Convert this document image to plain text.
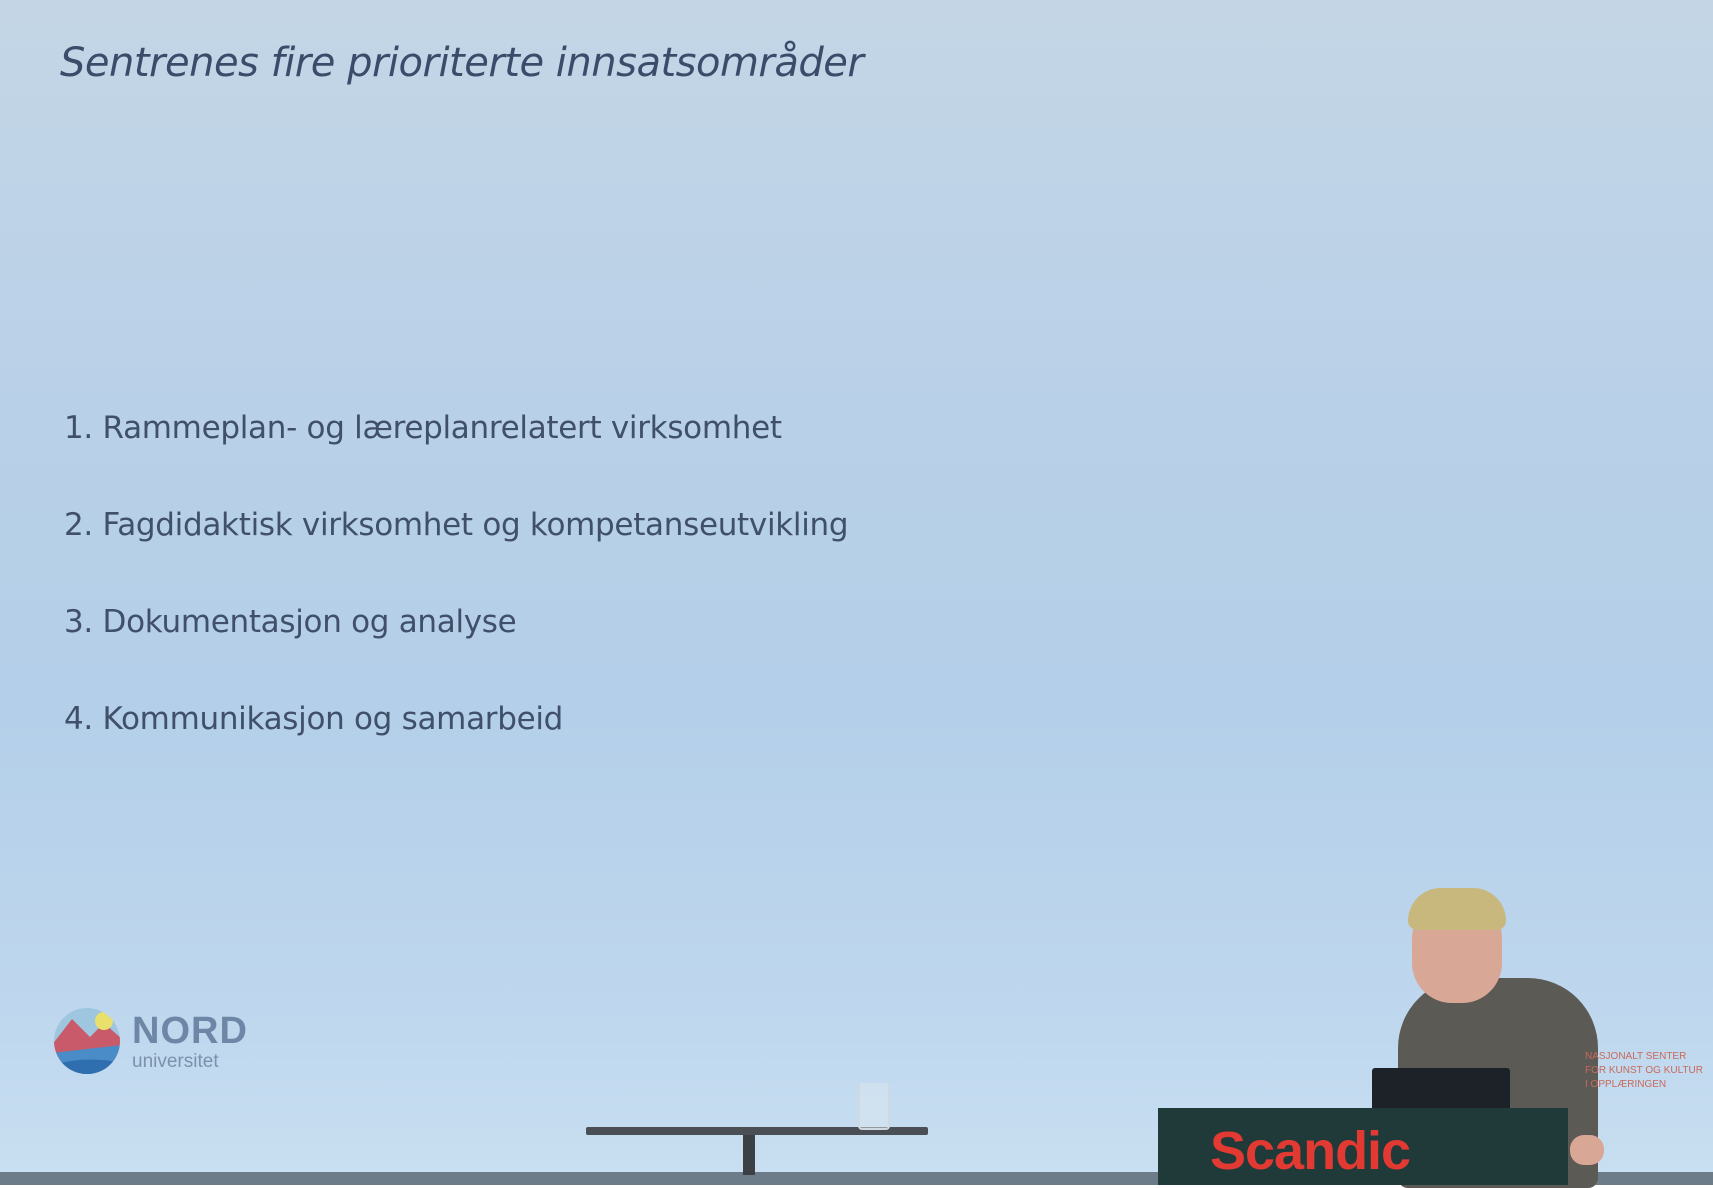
Sentrenes fire prioriterte innsatsområder
1. Rammeplan- og læreplanrelatert virksomhet
2. Fagdidaktisk virksomhet og kompetanseutvikling
3. Dokumentasjon og analyse
4. Kommunikasjon og samarbeid
NORD
universitet
Scandic
NASJONALT SENTER
FOR KUNST OG KULTUR
I OPPLÆRINGEN
